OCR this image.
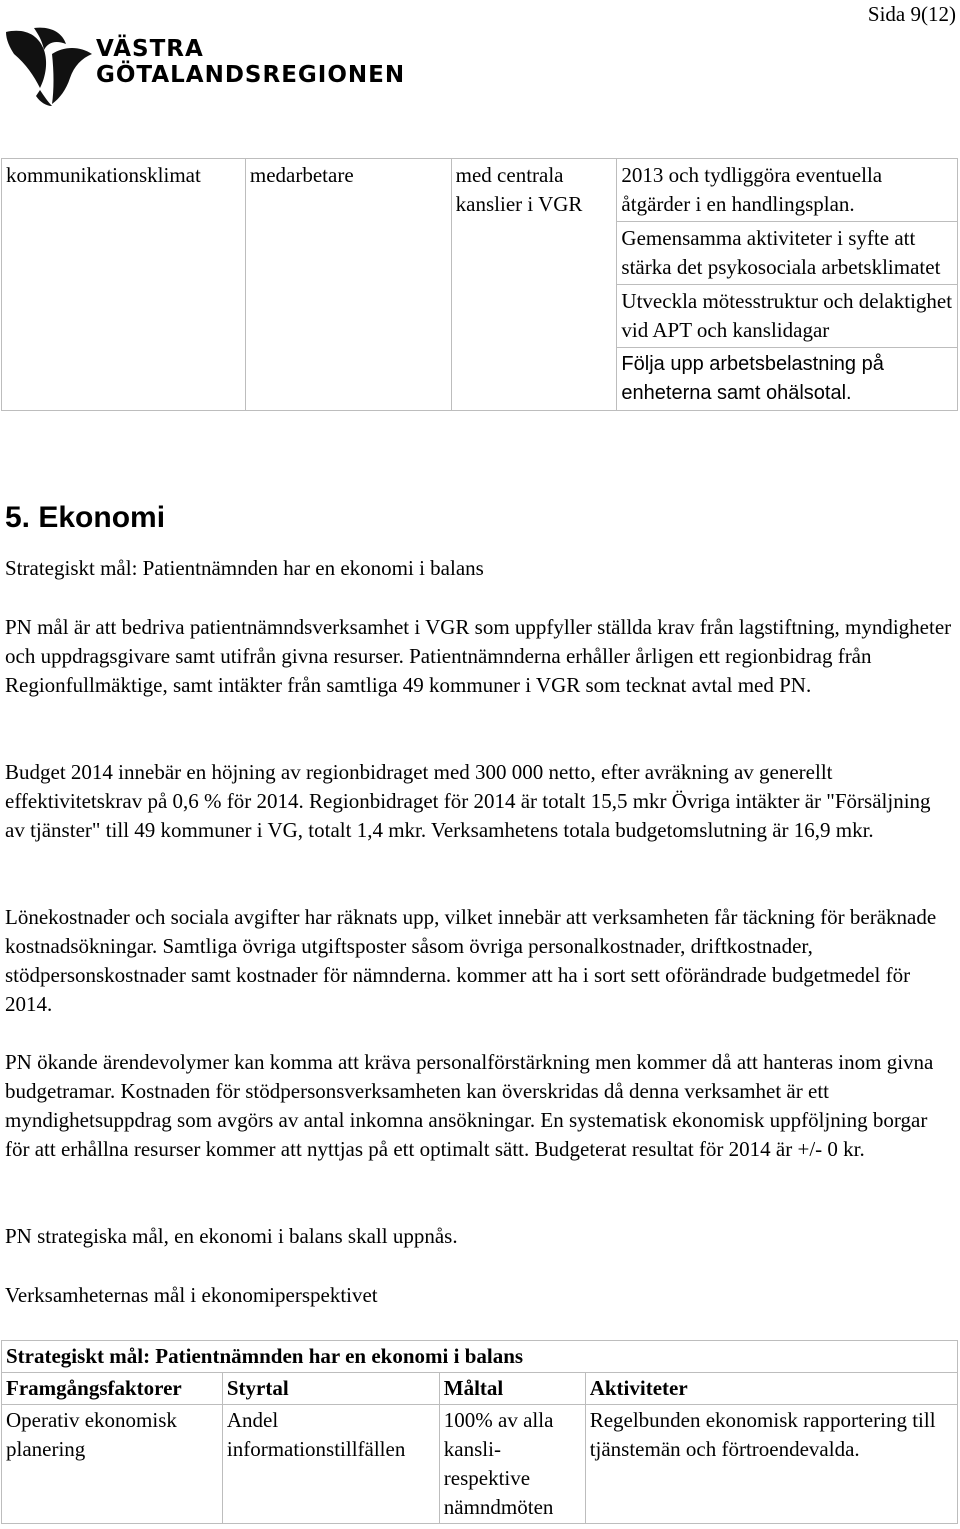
Sida 9(12)
VÄSTRA
GÖTALANDSREGIONEN
kommunikationsklimat	medarbetare	med centrala kanslier i VGR	2013 och tydliggöra eventuella åtgärder i en handlingsplan.
Gemensamma aktiviteter i syfte att stärka det psykosociala arbetsklimatet
Utveckla mötesstruktur och delaktighet vid APT och kanslidagar
Följa upp arbetsbelastning på enheterna samt ohälsotal.
5. Ekonomi

Strategiskt mål: Patientnämnden har en ekonomi i balans

PN mål är att bedriva patientnämndsverksamhet i VGR som uppfyller ställda krav från lagstiftning, myndigheter och uppdragsgivare samt utifrån givna resurser. Patientnämnderna erhåller årligen ett regionbidrag från Regionfullmäktige, samt intäkter från samtliga 49 kommuner i VGR som tecknat avtal med PN.

Budget 2014 innebär en höjning av regionbidraget med 300 000 netto, efter avräkning av generellt effektivitetskrav på 0,6 % för 2014. Regionbidraget för 2014 är totalt 15,5 mkr Övriga intäkter är "Försäljning av tjänster" till 49 kommuner i VG, totalt 1,4 mkr. Verksamhetens totala budgetomslutning är 16,9 mkr.

Lönekostnader och sociala avgifter har räknats upp, vilket innebär att verksamheten får täckning för beräknade kostnadsökningar. Samtliga övriga utgiftsposter såsom övriga personalkostnader, driftkostnader, stödpersonskostnader samt kostnader för nämnderna. kommer att ha i sort sett oförändrade budgetmedel för 2014.

PN ökande ärendevolymer kan komma att kräva personalförstärkning men kommer då att hanteras inom givna budgetramar. Kostnaden för stödpersonsverksamheten kan överskridas då denna verksamhet är ett myndighetsuppdrag som avgörs av antal inkomna ansökningar. En systematisk ekonomisk uppföljning borgar för att erhållna resurser kommer att nyttjas på ett optimalt sätt. Budgeterat resultat för 2014 är +/- 0 kr.

PN strategiska mål, en ekonomi i balans skall uppnås.

Verksamheternas mål i ekonomiperspektivet

Strategiskt mål: Patientnämnden har en ekonomi i balans			
Framgångsfaktorer	Styrtal	Måltal	Aktiviteter
Operativ ekonomisk planering	Andel informationstillfällen	100% av alla kansli-respektive nämndmöten	Regelbunden ekonomisk rapportering till tjänstemän och förtroendevalda.
